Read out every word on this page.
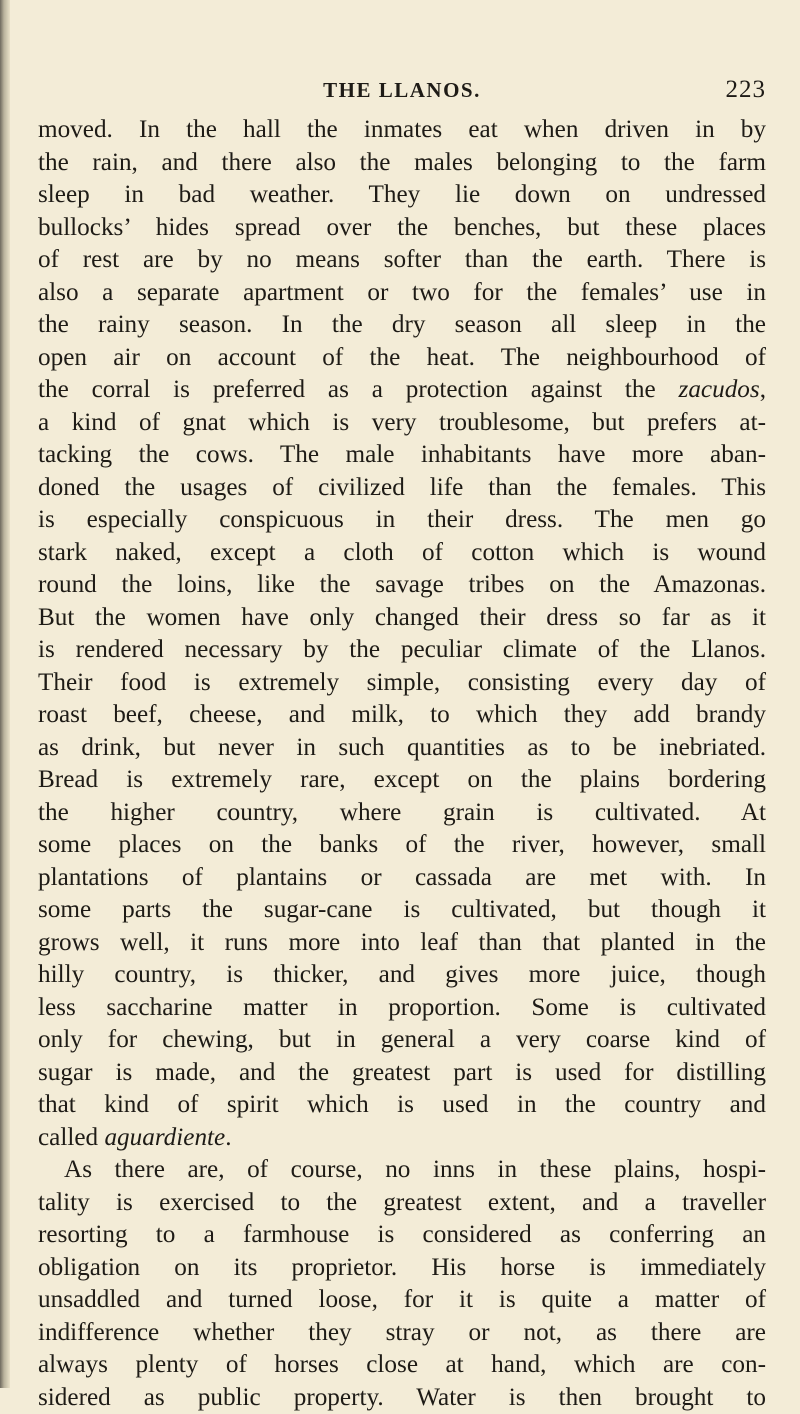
THE LLANOS.	223

moved. In the hall the inmates eat when driven in by
the rain, and there also the males belonging to the farm
sleep in bad weather. They lie down on undressed
bullocks’ hides spread over the benches, but these places
of rest are by no means softer than the earth. There is
also a separate apartment or two for the females’ use in
the rainy season. In the dry season all sleep in the
open air on account of the heat. The neighbourhood of
the corral is preferred as a protection against the zacudos,
a kind of gnat which is very troublesome, but prefers at-
tacking the cows. The male inhabitants have more aban-
doned the usages of civilized life than the females. This
is especially conspicuous in their dress. The men go
stark naked, except a cloth of cotton which is wound
round the loins, like the savage tribes on the Amazonas.
But the women have only changed their dress so far as it
is rendered necessary by the peculiar climate of the Llanos.
Their food is extremely simple, consisting every day of
roast beef, cheese, and milk, to which they add brandy
as drink, but never in such quantities as to be inebriated.
Bread is extremely rare, except on the plains bordering
the higher country, where grain is cultivated. At
some places on the banks of the river, however, small
plantations of plantains or cassada are met with. In
some parts the sugar-cane is cultivated, but though it
grows well, it runs more into leaf than that planted in the
hilly country, is thicker, and gives more juice, though
less saccharine matter in proportion. Some is cultivated
only for chewing, but in general a very coarse kind of
sugar is made, and the greatest part is used for distilling
that kind of spirit which is used in the country and
called aguardiente.

As there are, of course, no inns in these plains, hospi-
tality is exercised to the greatest extent, and a traveller
resorting to a farmhouse is considered as conferring an
obligation on its proprietor. His horse is immediately
unsaddled and turned loose, for it is quite a matter of
indifference whether they stray or not, as there are
always plenty of horses close at hand, which are con-
sidered as public property. Water is then brought to
